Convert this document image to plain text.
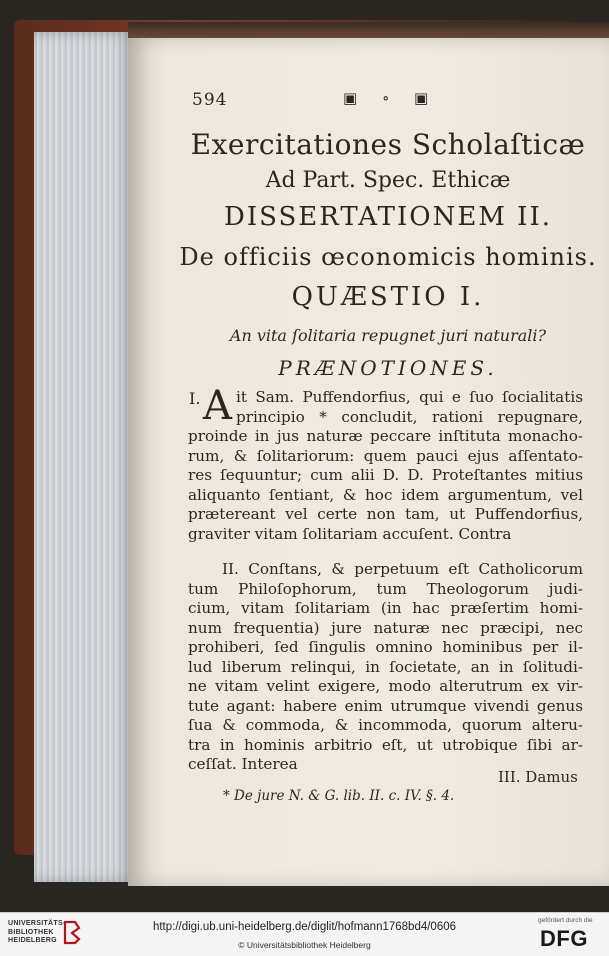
594	▣ ∘ ▣
Exercitationes Scholaſticæ
Ad Part. Spec. Ethicæ
DISSERTATIONEM II.
De officiis œconomicis hominis.
QUÆSTIO I.
An vita ſolitaria repugnet juri naturali?
PRÆNOTIONES.
I. A it Sam. Puffendorfius, qui e ſuo ſocialitatis
principio * concludit, rationi repugnare,
proinde in jus naturæ peccare inſtituta monacho-
rum, & ſolitariorum: quem pauci ejus aſſentato-
res ſequuntur; cum alii D. D. Proteſtantes mitius
aliquanto ſentiant, & hoc idem argumentum, vel
prætereant vel certe non tam, ut Puffendorfius,
graviter vitam ſolitariam accuſent. Contra
II. Conſtans, & perpetuum eſt Catholicorum
tum Philoſophorum, tum Theologorum judi-
cium, vitam ſolitariam (in hac præſertim homi-
num frequentia) jure naturæ nec præcipi, nec
prohiberi, ſed ſingulis omnino hominibus per il-
lud liberum relinqui, in ſocietate, an in ſolitudi-
ne vitam velint exigere, modo alterutrum ex vir-
tute agant: habere enim utrumque vivendi genus
ſua & commoda, & incommoda, quorum alteru-
tra in hominis arbitrio eſt, ut utrobique ſibi ar-
ceſſat. Interea
III. Damus
* De jure N. & G. lib. II. c. IV. §. 4.
UNIVERSITÄTS-
BIBLIOTHEK
HEIDELBERG
http://digi.ub.uni-heidelberg.de/diglit/hofmann1768bd4/0606
© Universitätsbibliothek Heidelberg
gefördert durch die
DFG
